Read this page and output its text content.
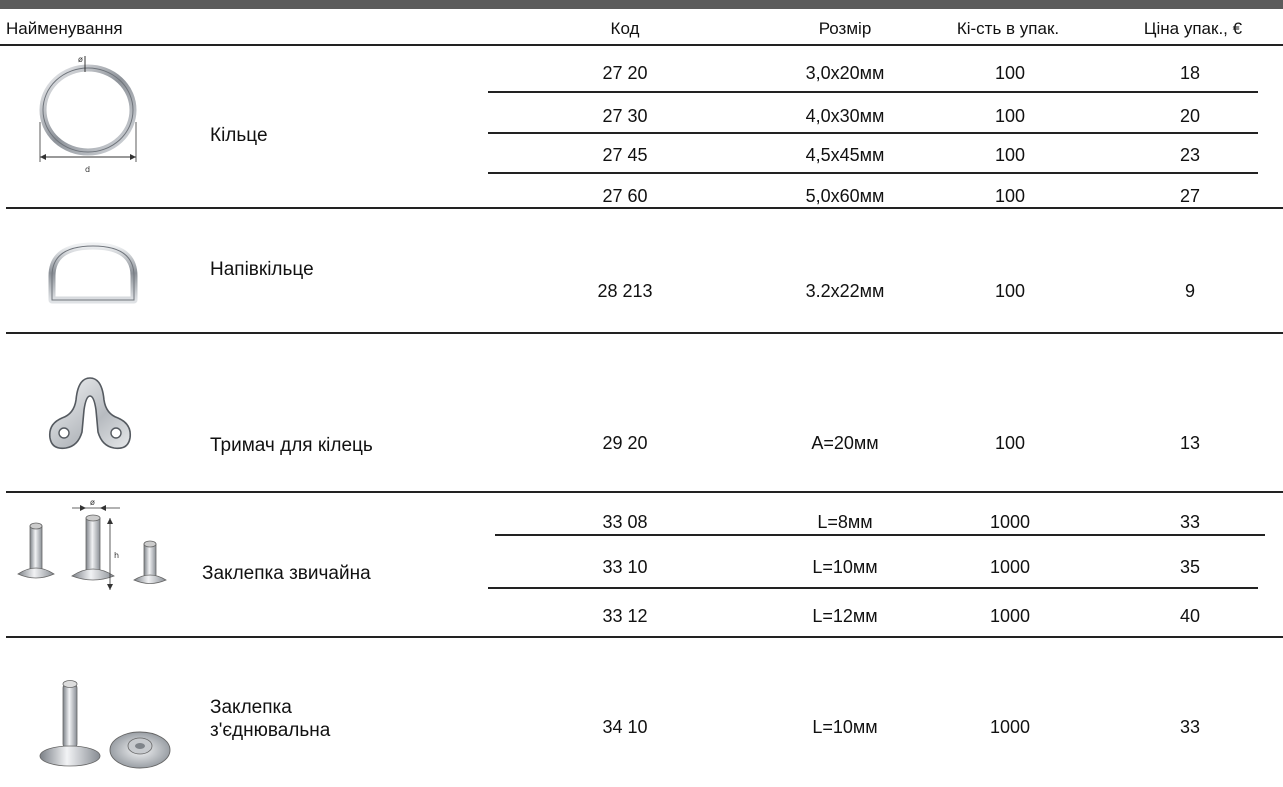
Найменування	Код	Розмір	Кі-сть в упак.	Ціна упак., €
ø
d
Кільце
27 20	3,0x20мм	100	18
27 30	4,0x30мм	100	20
27 45	4,5x45мм	100	23
27 60	5,0x60мм	100	27
Напівкільце
28 213	3.2x22мм	100	9
Тримач для кілець	29 20	А=20мм	100	13
ø
h
Заклепка звичайна
33 08	L=8мм	1000	33
33 10	L=10мм	1000	35
33 12	L=12мм	1000	40
Заклепка
з'єднювальна	34 10	L=10мм	1000	33
